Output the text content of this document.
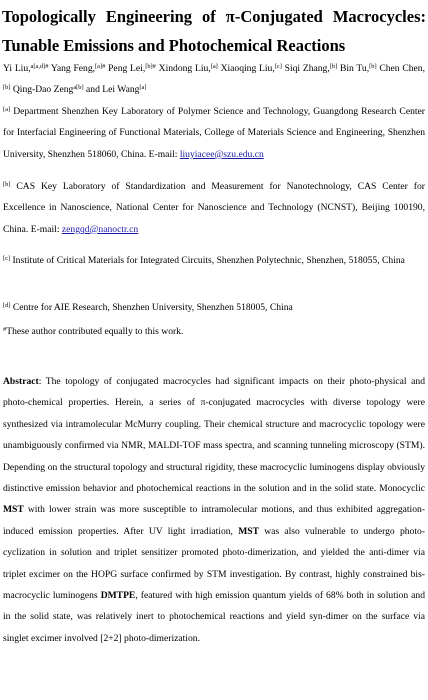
Topologically Engineering of π-Conjugated Macrocycles: Tunable Emissions and Photochemical Reactions
Yi Liu,$^{a[a,d]\#}$ Yang Feng,$^{[a]\#}$ Peng Lei,$^{[b]\#}$ Xindong Liu,[a] Xiaoqing Liu,[c] Siqi Zhang,[b] Bin Tu,[b] Chen Chen,[b] Qing-Dao Zeng$^{a[b]}$ and Lei Wang[a]
[a] Department Shenzhen Key Laboratory of Polymer Science and Technology, Guangdong Research Center for Interfacial Engineering of Functional Materials, College of Materials Science and Engineering, Shenzhen University, Shenzhen 518060, China. E-mail: liuyiacee@szu.edu.cn
[b] CAS Key Laboratory of Standardization and Measurement for Nanotechnology, CAS Center for Excellence in Nanoscience, National Center for Nanoscience and Technology (NCNST), Beijing 100190, China. E-mail: zengqd@nanoctr.cn
[c] Institute of Critical Materials for Integrated Circuits, Shenzhen Polytechnic, Shenzhen, 518055, China
[d] Centre for AIE Research, Shenzhen University, Shenzhen 518005, China
#These author contributed equally to this work.
Abstract: The topology of conjugated macrocycles had significant impacts on their photo-physical and photo-chemical properties. Herein, a series of π-conjugated macrocycles with diverse topology were synthesized via intramolecular McMurry coupling. Their chemical structure and macrocyclic topology were unambiguously confirmed via NMR, MALDI-TOF mass spectra, and scanning tunneling microscopy (STM). Depending on the structural topology and structural rigidity, these macrocyclic luminogens display obviously distinctive emission behavior and photochemical reactions in the solution and in the solid state. Monocyclic MST with lower strain was more susceptible to intramolecular motions, and thus exhibited aggregation-induced emission properties. After UV light irradiation, MST was also vulnerable to undergo photo-cyclization in solution and triplet sensitizer promoted photo-dimerization, and yielded the anti-dimer via triplet excimer on the HOPG surface confirmed by STM investigation. By contrast, highly constrained bis-macrocyclic luminogens DMTPE, featured with high emission quantum yields of 68% both in solution and in the solid state, was relatively inert to photochemical reactions and yield syn-dimer on the surface via singlet excimer involved [2+2] photo-dimerization.
